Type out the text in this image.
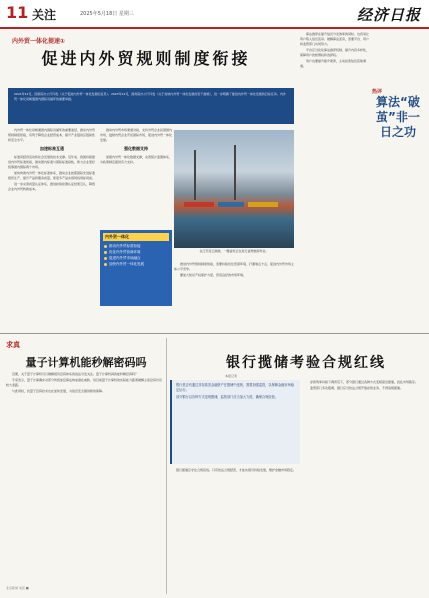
11 关注	2025年5月18日 星期三	经济日报
内外贸一体化提速①
促进内外贸规则制度衔接

2021年12月，国务院办公厅印发《关于促进内外贸一体化发展的意见》。2023年12月，国务院办公厅印发《关于加快内外贸一体化发展的若干措施》，进一步明确了推进内外贸一体化发展的目标任务。内外贸一体化是畅通国内国际双循环的重要举措。

内外贸一体化是畅通国内国际双循环的重要途径，推动内外贸规则制度衔接，有利于降低企业经营成本，提升产业链供应链韧性和安全水平。

加速标准互通

标准是经济活动和社会发展的技术支撑。近年来，我国持续推进内外贸标准衔接，推动国内标准与国际标准接轨，助力企业更好统筹国内国际两个市场。

加快构建内外贸一体化标准体系，推动企业按照国际先进标准组织生产，提升产品和服务质量，使更多产品实现同线同标同质。

进一步完善质量认证体系，推进检验检测认证结果互认，降低企业内外贸转换成本。

推动内外贸市场渠道对接，支持外贸企业拓展国内市场，鼓励内贸企业开拓国际市场，促进内外贸一体化发展。

强化数据支持

加强内外贸一体化数据支撑，完善统计监测体系，为政策制定提供有力支持。

在江苏连云港港，一艘货轮正在进行货物装卸作业。
内外贸一体化
推动内外贸标准衔接
优化内外贸营商环境
促进内外贸市场融合
加快内外贸一体化发展	推进内外贸规则制度衔接，需要持续优化营商环境，打通堵点卡点，促进内外贸市场主体公平竞争。

要加大知识产权保护力度，营造良好的市场环境。

算法推荐在提升信息分发效率的同时，也容易让用户陷入信息茧房。破解算法茧房，需要平台、用户和监管部门共同努力。

平台应当优化算法推荐机制，提升内容多样性，保障用户的知情权和选择权。

用户也要提升媒介素养，主动拓宽信息获取渠道。

热评
算法“破茧”非一日之功
求真
量子计算机能秒解密码吗

近期，关于量子计算机可以破解现有密码体系的说法引发关注。量子计算机真的能秒解密码吗？

专家表示，量子计算确实对部分传统加密算法构成潜在威胁，但目前量子计算机的实际能力距离破解主流密码仍有较大差距。

与此同时，抗量子密码技术也在加快发展，为信息安全提供新的保障。

银行揽储考验合规红线
本报记者

银行是否有通过非存款类金融资产在揽储中违规，需要加强监管，以保障金融市场稳定运行。

部分银行以各种方式违规揽储，监管部门应当加大力度，确保合规经营。

存款利率持续下调背景下，部分银行通过各种方式变相高息揽储，扰乱市场秩序。

监管部门多次强调，银行应当依法合规开展存款业务，不得违规揽储。

银行揽储应守住合规底线。只有依法合规经营，才能实现可持续发展，维护金融市场稳定。

北京新闻 电话 ■
